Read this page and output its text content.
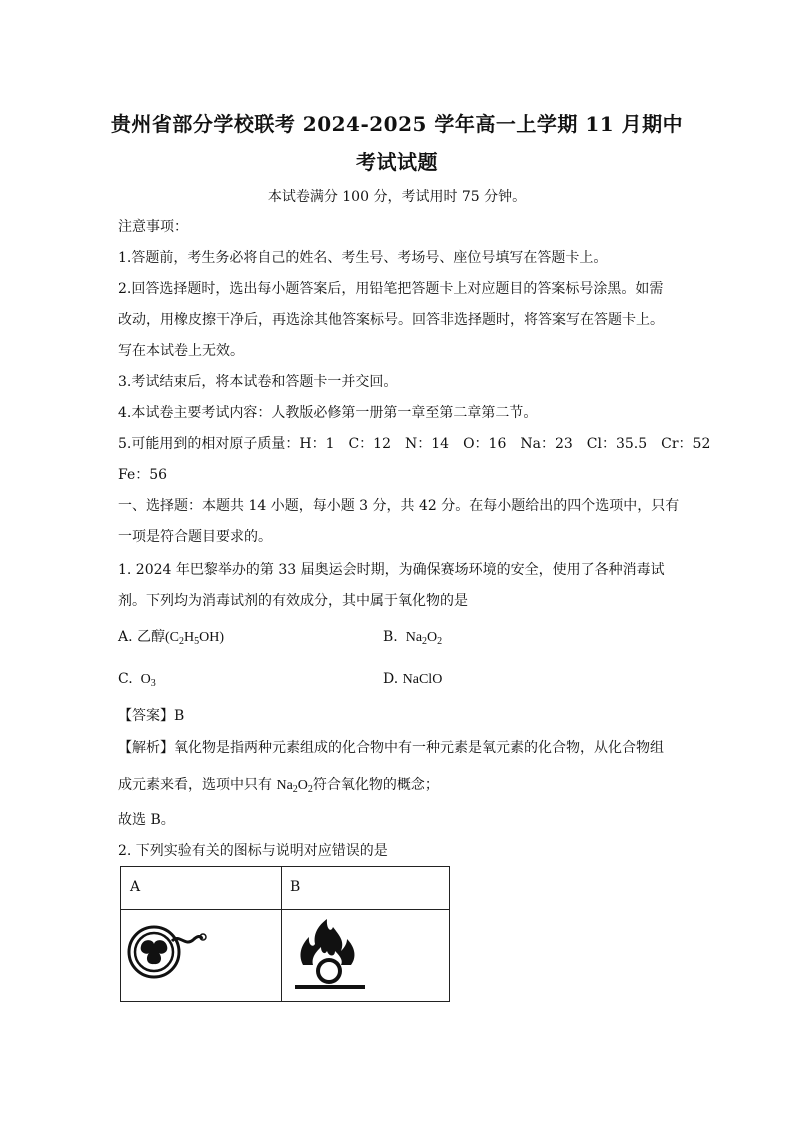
贵州省部分学校联考 2024-2025 学年高一上学期 11 月期中
考试试题
本试卷满分 100 分，考试用时 75 分钟。
注意事项：
1.答题前，考生务必将自己的姓名、考生号、考场号、座位号填写在答题卡上。
2.回答选择题时，选出每小题答案后，用铅笔把答题卡上对应题目的答案标号涂黑。如需
改动，用橡皮擦干净后，再选涂其他答案标号。回答非选择题时，将答案写在答题卡上。
写在本试卷上无效。
3.考试结束后，将本试卷和答题卡一并交回。
4.本试卷主要考试内容：人教版必修第一册第一章至第二章第二节。
5.可能用到的相对原子质量：H：1　C：12　N：14　O：16　Na：23　Cl：35.5　Cr：52
Fe：56
一、选择题：本题共 14 小题，每小题 3 分，共 42 分。在每小题给出的四个选项中，只有
一项是符合题目要求的。
1. 2024 年巴黎举办的第 33 届奥运会时期，为确保赛场环境的安全，使用了各种消毒试
剂。下列均为消毒试剂的有效成分，其中属于氧化物的是
A. 乙醇$(C_2H_5OH)$	B.  $Na_2O_2$
C.  $O_3$	D. NaClO
【答案】B
【解析】氧化物是指两种元素组成的化合物中有一种元素是氧元素的化合物，从化合物组
成元素来看，选项中只有 $Na_2O_2$符合氧化物的概念；
故选 B。
2. 下列实验有关的图标与说明对应错误的是
A	B
